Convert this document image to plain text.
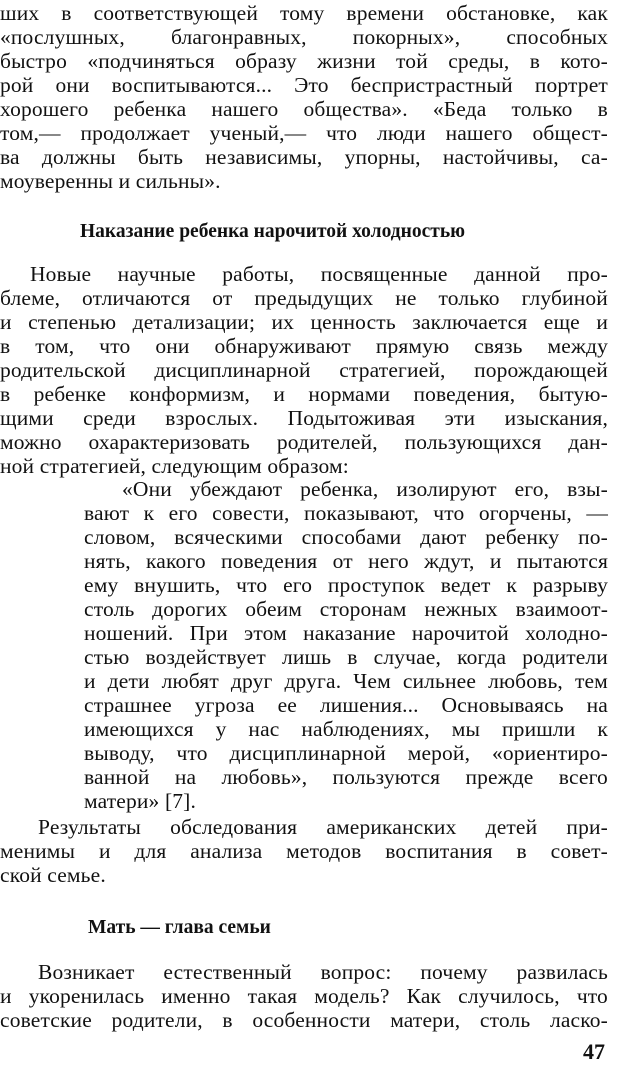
ших в соответствующей тому времени обстановке, как
«послушных, благонравных, покорных», способных
быстро «подчиняться образу жизни той среды, в кото-
рой они воспитываются... Это беспристрастный портрет
хорошего ребенка нашего общества». «Беда только в
том,— продолжает ученый,— что люди нашего общест-
ва должны быть независимы, упорны, настойчивы, са-
моуверенны и сильны».
Наказание ребенка нарочитой холодностью
Новые научные работы, посвященные данной про-
блеме, отличаются от предыдущих не только глубиной
и степенью детализации; их ценность заключается еще и
в том, что они обнаруживают прямую связь между
родительской дисциплинарной стратегией, порождающей
в ребенке конформизм, и нормами поведения, бытую-
щими среди взрослых. Подытоживая эти изыскания,
можно охарактеризовать родителей, пользующихся дан-
ной стратегией, следующим образом:
«Они убеждают ребенка, изолируют его, взы-
вают к его совести, показывают, что огорчены, —
словом, всяческими способами дают ребенку по-
нять, какого поведения от него ждут, и пытаются
ему внушить, что его проступок ведет к разрыву
столь дорогих обеим сторонам нежных взаимоот-
ношений. При этом наказание нарочитой холодно-
стью воздействует лишь в случае, когда родители
и дети любят друг друга. Чем сильнее любовь, тем
страшнее угроза ее лишения... Основываясь на
имеющихся у нас наблюдениях, мы пришли к
выводу, что дисциплинарной мерой, «ориентиро-
ванной на любовь», пользуются прежде всего
матери» [7].
Результаты обследования американских детей при-
менимы и для анализа методов воспитания в совет-
ской семье.
Мать — глава семьи
Возникает естественный вопрос: почему развилась
и укоренилась именно такая модель? Как случилось, что
советские родители, в особенности матери, столь ласко-
47
